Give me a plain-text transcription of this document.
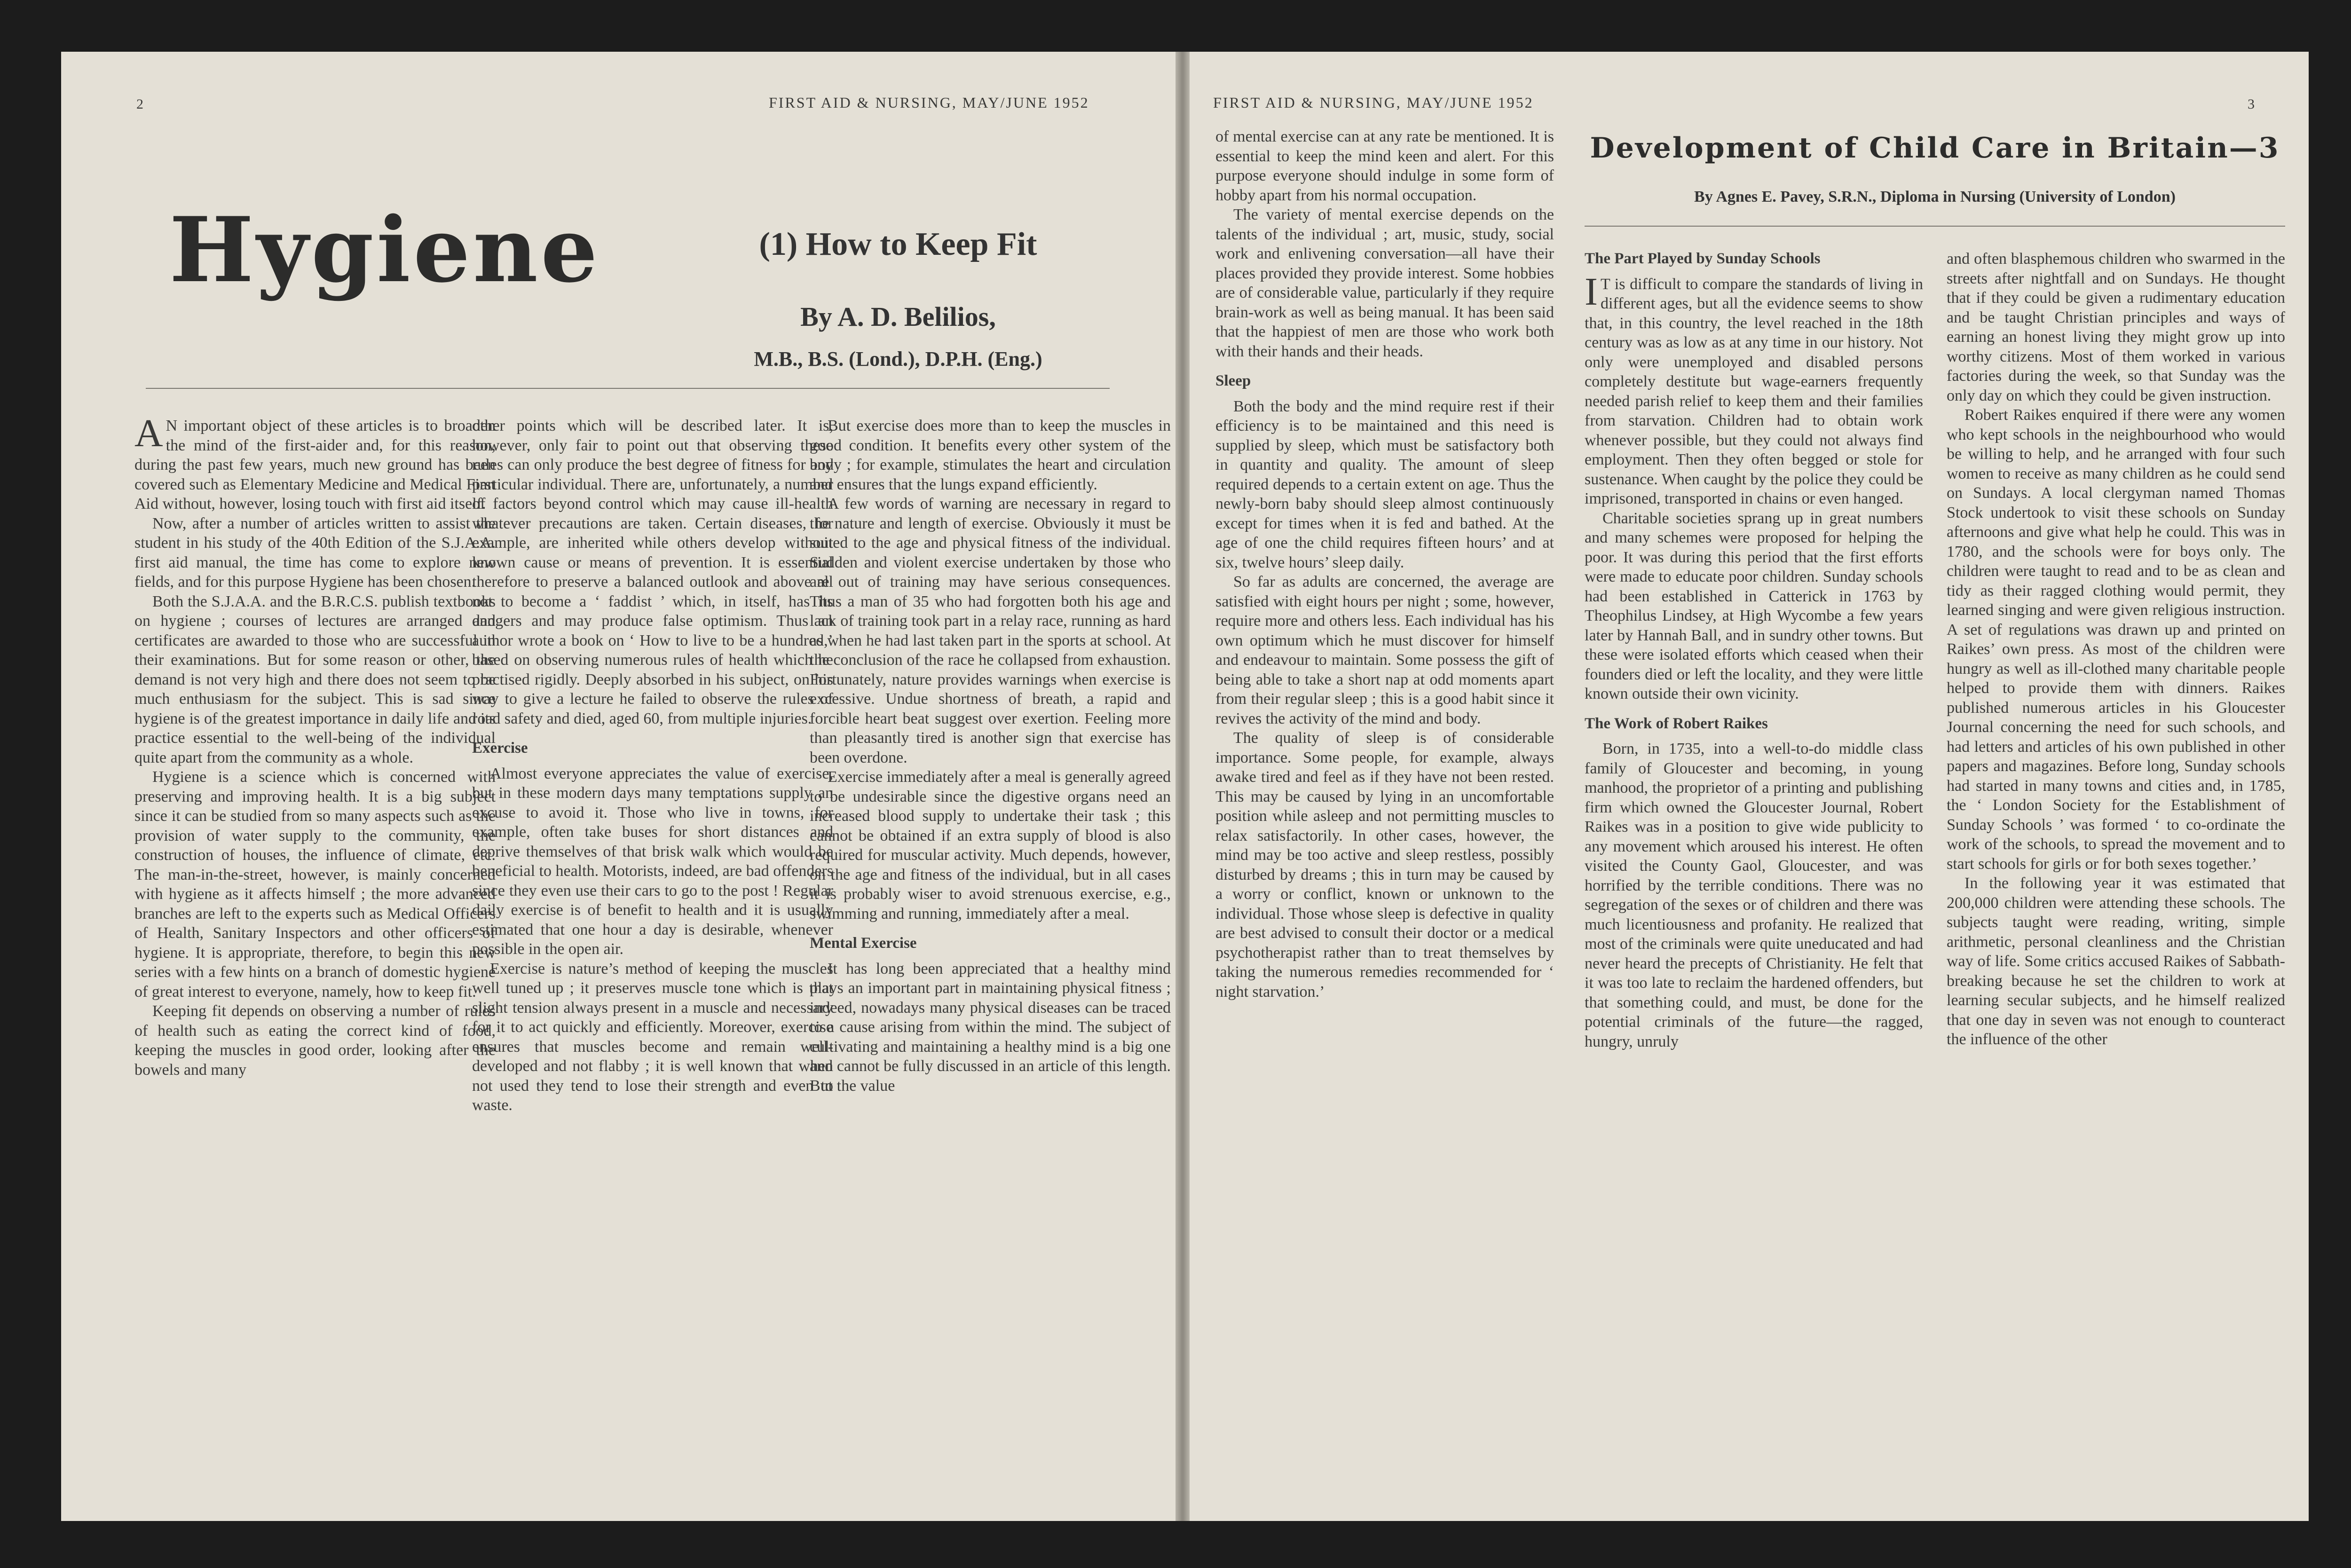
2	FIRST AID & NURSING, MAY/JUNE 1952
Hygiene	(1) How to Keep Fit
By A. D. Belilios,
M.B., B.S. (Lond.), D.P.H. (Eng.)

A N important object of these articles is to broaden the mind of the first-aider and, for this reason, during the past few years, much new ground has been covered such as Elementary Medicine and Medical First Aid without, however, losing touch with first aid itself.

Now, after a number of articles written to assist the student in his study of the 40th Edition of the S.J.A.A. first aid manual, the time has come to explore new fields, and for this purpose Hygiene has been chosen.

Both the S.J.A.A. and the B.R.C.S. publish textbooks on hygiene ; courses of lectures are arranged and certificates are awarded to those who are successful in their examinations. But for some reason or other, the demand is not very high and there does not seem to be much enthusiasm for the subject. This is sad since hygiene is of the greatest importance in daily life and its practice essential to the well-being of the individual quite apart from the community as a whole.

Hygiene is a science which is concerned with preserving and improving health. It is a big subject since it can be studied from so many aspects such as the provision of water supply to the community, the construction of houses, the influence of climate, etc. The man-in-the-street, however, is mainly concerned with hygiene as it affects himself ; the more advanced branches are left to the experts such as Medical Officers of Health, Sanitary Inspectors and other officers of hygiene. It is appropriate, therefore, to begin this new series with a few hints on a branch of domestic hygiene of great interest to everyone, namely, how to keep fit.

Keeping fit depends on observing a number of rules of health such as eating the correct kind of food, keeping the muscles in good order, looking after the bowels and many

other points which will be described later. It is, however, only fair to point out that observing these rules can only produce the best degree of fitness for any particular individual. There are, unfortunately, a number of factors beyond control which may cause ill-health whatever precautions are taken. Certain diseases, for example, are inherited while others develop without known cause or means of prevention. It is essential therefore to preserve a balanced outlook and above all not to become a ‘ faddist ’ which, in itself, has its dangers and may produce false optimism. Thus an author wrote a book on ‘ How to live to be a hundred,’ based on observing numerous rules of health which he practised rigidly. Deeply absorbed in his subject, on his way to give a lecture he failed to observe the rules of road safety and died, aged 60, from multiple injuries.

Exercise

Almost everyone appreciates the value of exercise, but in these modern days many temptations supply an excuse to avoid it. Those who live in towns, for example, often take buses for short distances and deprive themselves of that brisk walk which would be beneficial to health. Motorists, indeed, are bad offenders since they even use their cars to go to the post ! Regular daily exercise is of benefit to health and it is usually estimated that one hour a day is desirable, whenever possible in the open air.

Exercise is nature’s method of keeping the muscles well tuned up ; it preserves muscle tone which is that slight tension always present in a muscle and necessary for it to act quickly and efficiently. Moreover, exercise ensures that muscles become and remain well-developed and not flabby ; it is well known that when not used they tend to lose their strength and even to waste.

But exercise does more than to keep the muscles in good condition. It benefits every other system of the body ; for example, stimulates the heart and circulation and ensures that the lungs expand efficiently.

A few words of warning are necessary in regard to the nature and length of exercise. Obviously it must be suited to the age and physical fitness of the individual. Sudden and violent exercise undertaken by those who are out of training may have serious consequences. Thus a man of 35 who had forgotten both his age and lack of training took part in a relay race, running as hard as when he had last taken part in the sports at school. At the conclusion of the race he collapsed from exhaustion. Fortunately, nature provides warnings when exercise is excessive. Undue shortness of breath, a rapid and forcible heart beat suggest over exertion. Feeling more than pleasantly tired is another sign that exercise has been overdone.

Exercise immediately after a meal is generally agreed to be undesirable since the digestive organs need an increased blood supply to undertake their task ; this cannot be obtained if an extra supply of blood is also required for muscular activity. Much depends, however, on the age and fitness of the individual, but in all cases it is probably wiser to avoid strenuous exercise, e.g., swimming and running, immediately after a meal.

Mental Exercise

It has long been appreciated that a healthy mind plays an important part in maintaining physical fitness ; indeed, nowadays many physical diseases can be traced to a cause arising from within the mind. The subject of cultivating and maintaining a healthy mind is a big one and cannot be fully discussed in an article of this length. But the value

FIRST AID & NURSING, MAY/JUNE 1952	3

of mental exercise can at any rate be mentioned. It is essential to keep the mind keen and alert. For this purpose everyone should indulge in some form of hobby apart from his normal occupation.

The variety of mental exercise depends on the talents of the individual ; art, music, study, social work and enlivening conversation—all have their places provided they provide interest. Some hobbies are of considerable value, particularly if they require brain-work as well as being manual. It has been said that the happiest of men are those who work both with their hands and their heads.

Sleep

Both the body and the mind require rest if their efficiency is to be maintained and this need is supplied by sleep, which must be satisfactory both in quantity and quality. The amount of sleep required depends to a certain extent on age. Thus the newly-born baby should sleep almost continuously except for times when it is fed and bathed. At the age of one the child requires fifteen hours’ and at six, twelve hours’ sleep daily.

So far as adults are concerned, the average are satisfied with eight hours per night ; some, however, require more and others less. Each individual has his own optimum which he must discover for himself and endeavour to maintain. Some possess the gift of being able to take a short nap at odd moments apart from their regular sleep ; this is a good habit since it revives the activity of the mind and body.

The quality of sleep is of considerable importance. Some people, for example, always awake tired and feel as if they have not been rested. This may be caused by lying in an uncomfortable position while asleep and not permitting muscles to relax satisfactorily. In other cases, however, the mind may be too active and sleep restless, possibly disturbed by dreams ; this in turn may be caused by a worry or conflict, known or unknown to the individual. Those whose sleep is defective in quality are best advised to consult their doctor or a medical psychotherapist rather than to treat themselves by taking the numerous remedies recommended for ‘ night starvation.’

Development of Child Care in Britain—3
By Agnes E. Pavey, S.R.N., Diploma in Nursing (University of London)
The Part Played by Sunday Schools

I T is difficult to compare the standards of living in different ages, but all the evidence seems to show that, in this country, the level reached in the 18th century was as low as at any time in our history. Not only were unemployed and disabled persons completely destitute but wage-earners frequently needed parish relief to keep them and their families from starvation. Children had to obtain work whenever possible, but they could not always find employment. Then they often begged or stole for sustenance. When caught by the police they could be imprisoned, transported in chains or even hanged.

Charitable societies sprang up in great numbers and many schemes were proposed for helping the poor. It was during this period that the first efforts were made to educate poor children. Sunday schools had been established in Catterick in 1763 by Theophilus Lindsey, at High Wycombe a few years later by Hannah Ball, and in sundry other towns. But these were isolated efforts which ceased when their founders died or left the locality, and they were little known outside their own vicinity.

The Work of Robert Raikes

Born, in 1735, into a well-to-do middle class family of Gloucester and becoming, in young manhood, the proprietor of a printing and publishing firm which owned the Gloucester Journal, Robert Raikes was in a position to give wide publicity to any movement which aroused his interest. He often visited the County Gaol, Gloucester, and was horrified by the terrible conditions. There was no segregation of the sexes or of children and there was much licentiousness and profanity. He realized that most of the criminals were quite uneducated and had never heard the precepts of Christianity. He felt that it was too late to reclaim the hardened offenders, but that something could, and must, be done for the potential criminals of the future—the ragged, hungry, unruly

and often blasphemous children who swarmed in the streets after nightfall and on Sundays. He thought that if they could be given a rudimentary education and be taught Christian principles and ways of earning an honest living they might grow up into worthy citizens. Most of them worked in various factories during the week, so that Sunday was the only day on which they could be given instruction.

Robert Raikes enquired if there were any women who kept schools in the neighbourhood who would be willing to help, and he arranged with four such women to receive as many children as he could send on Sundays. A local clergyman named Thomas Stock undertook to visit these schools on Sunday afternoons and give what help he could. This was in 1780, and the schools were for boys only. The children were taught to read and to be as clean and tidy as their ragged clothing would permit, they learned singing and were given religious instruction. A set of regulations was drawn up and printed on Raikes’ own press. As most of the children were hungry as well as ill-clothed many charitable people helped to provide them with dinners. Raikes published numerous articles in his Gloucester Journal concerning the need for such schools, and had letters and articles of his own published in other papers and magazines. Before long, Sunday schools had started in many towns and cities and, in 1785, the ‘ London Society for the Establishment of Sunday Schools ’ was formed ‘ to co-ordinate the work of the schools, to spread the movement and to start schools for girls or for both sexes together.’

In the following year it was estimated that 200,000 children were attending these schools. The subjects taught were reading, writing, simple arithmetic, personal cleanliness and the Christian way of life. Some critics accused Raikes of Sabbath-breaking because he set the children to work at learning secular subjects, and he himself realized that one day in seven was not enough to counteract the influence of the other
